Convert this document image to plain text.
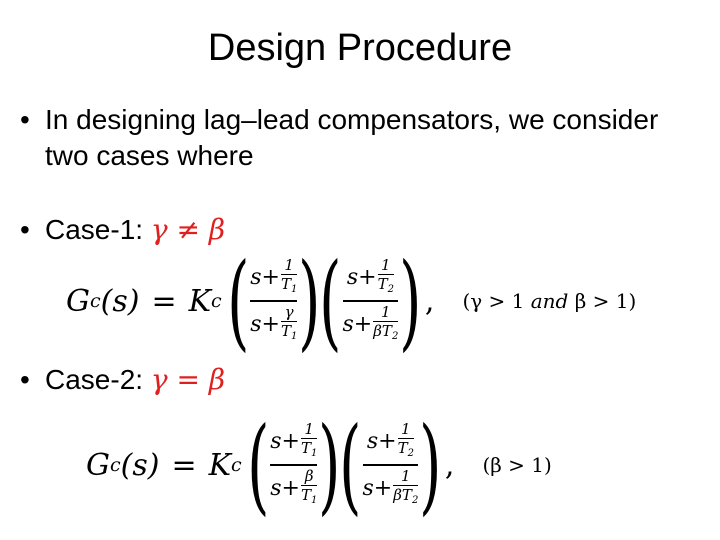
Design Procedure
• In designing lag–lead compensators, we consider two cases where
• Case-1: γ ≠ β
G c (s) = K c ( s+ 1
$T_1$
s+ γ
$T_1$ )
( s+ 1
$T_2$
s+ 1
$\beta T_2$ ) , (γ > 1 and β > 1)
• Case-2: γ = β
G c (s) = K c ( s+ 1
$T_1$
s+ β
$T_1$ )
( s+ 1
$T_2$
s+ 1
$\beta T_2$ ) , (β > 1)
